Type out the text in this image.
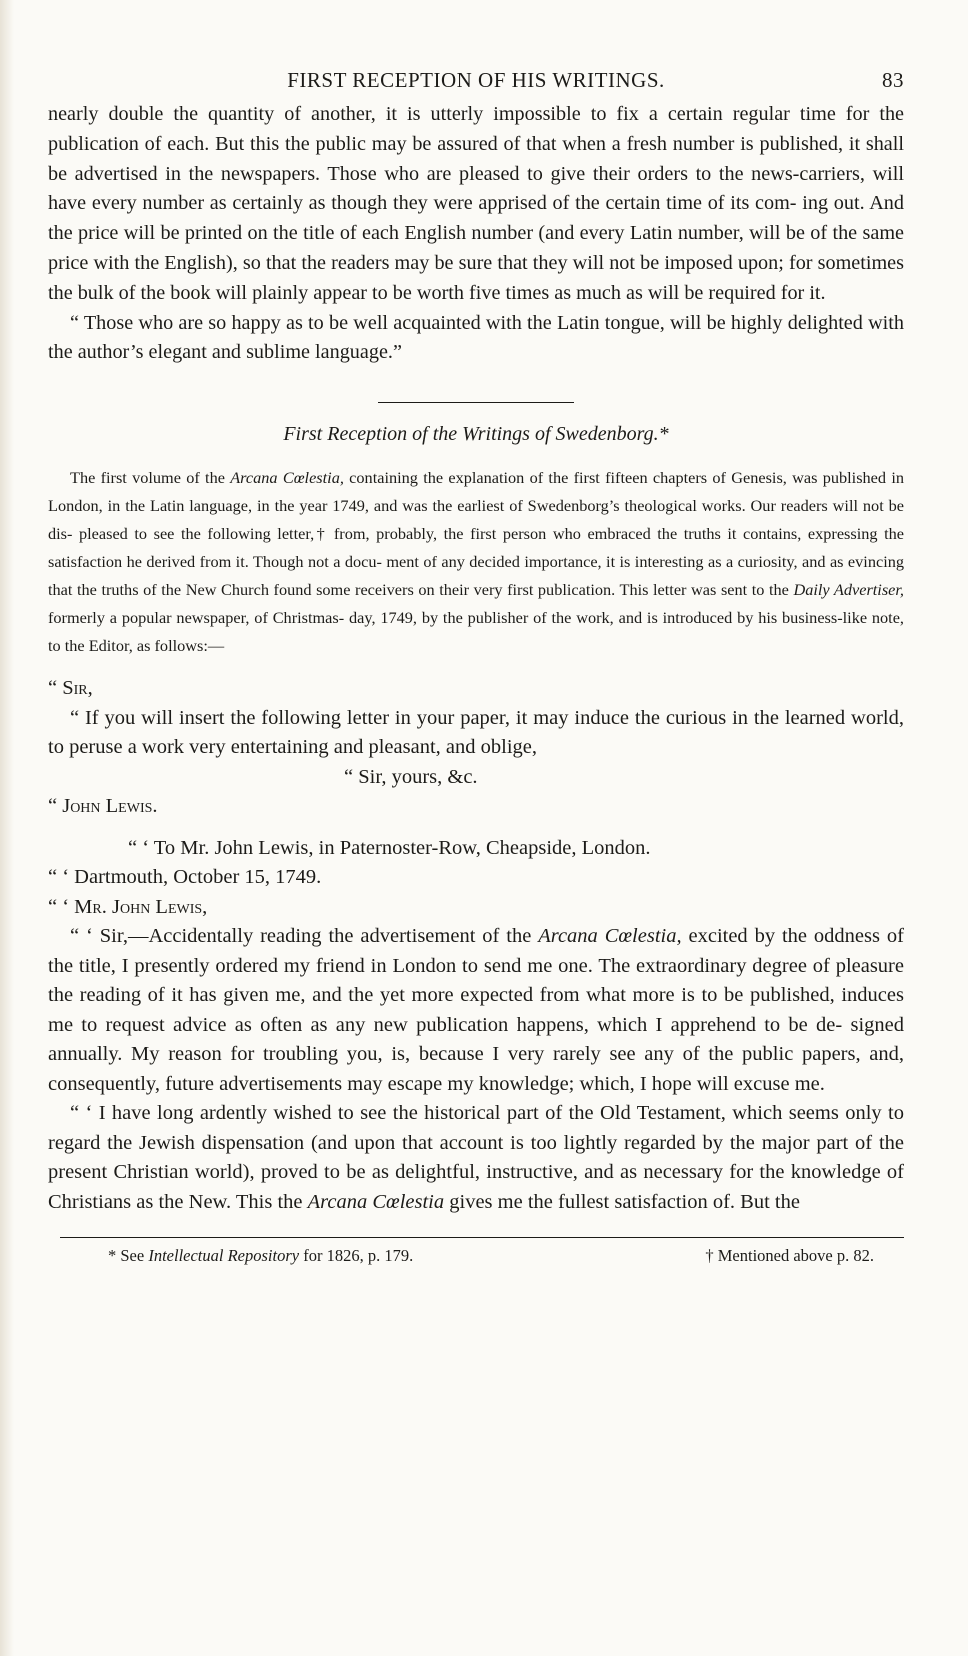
FIRST RECEPTION OF HIS WRITINGS.	83

nearly double the quantity of another, it is utterly impossible to fix a certain regular time for the publication of each. But this the public may be assured of that when a fresh number is published, it shall be advertised in the newspapers. Those who are pleased to give their orders to the news-carriers, will have every number as certainly as though they were apprised of the certain time of its com- ing out. And the price will be printed on the title of each English number (and every Latin number, will be of the same price with the English), so that the readers may be sure that they will not be imposed upon; for sometimes the bulk of the book will plainly appear to be worth five times as much as will be required for it.

“ Those who are so happy as to be well acquainted with the Latin tongue, will be highly delighted with the author’s elegant and sublime language.”

First Reception of the Writings of Swedenborg.*

The first volume of the Arcana Cœlestia, containing the explanation of the first fifteen chapters of Genesis, was published in London, in the Latin language, in the year 1749, and was the earliest of Swedenborg’s theological works. Our readers will not be dis- pleased to see the following letter,† from, probably, the first person who embraced the truths it contains, expressing the satisfaction he derived from it. Though not a docu- ment of any decided importance, it is interesting as a curiosity, and as evincing that the truths of the New Church found some receivers on their very first publication. This letter was sent to the Daily Advertiser, formerly a popular newspaper, of Christmas- day, 1749, by the publisher of the work, and is introduced by his business-like note, to the Editor, as follows:—

“ Sir,

“ If you will insert the following letter in your paper, it may induce the curious in the learned world, to peruse a work very entertaining and pleasant, and oblige,

“ Sir, yours, &c.

“ John Lewis.

“ ‘ To Mr. John Lewis, in Paternoster-Row, Cheapside, London.

“ ‘ Dartmouth, October 15, 1749.

“ ‘ Mr. John Lewis,

“ ‘ Sir,—Accidentally reading the advertisement of the Arcana Cœlestia, excited by the oddness of the title, I presently ordered my friend in London to send me one. The extraordinary degree of pleasure the reading of it has given me, and the yet more expected from what more is to be published, induces me to request advice as often as any new publication happens, which I apprehend to be de- signed annually. My reason for troubling you, is, because I very rarely see any of the public papers, and, consequently, future advertisements may escape my knowledge; which, I hope will excuse me.

“ ‘ I have long ardently wished to see the historical part of the Old Testament, which seems only to regard the Jewish dispensation (and upon that account is too lightly regarded by the major part of the present Christian world), proved to be as delightful, instructive, and as necessary for the knowledge of Christians as the New. This the Arcana Cœlestia gives me the fullest satisfaction of. But the

* See Intellectual Repository for 1826, p. 179.	† Mentioned above p. 82.
